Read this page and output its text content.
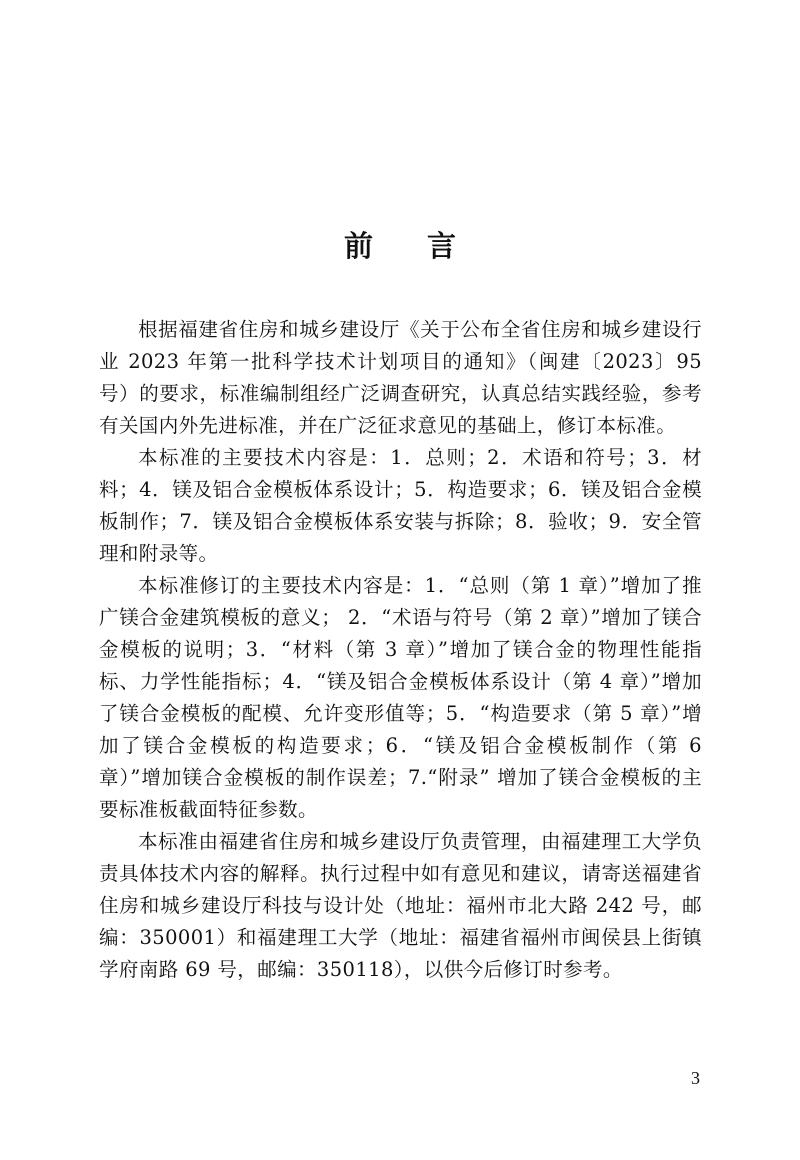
前言

根据福建省住房和城乡建设厅《关于公布全省住房和城乡建设行业 2023 年第一批科学技术计划项目的通知》（闽建〔2023〕95 号）的要求，标准编制组经广泛调查研究，认真总结实践经验，参考有关国内外先进标准，并在广泛征求意见的基础上，修订本标准。

本标准的主要技术内容是：1．总则；2．术语和符号；3．材料；4．镁及铝合金模板体系设计；5．构造要求；6．镁及铝合金模板制作；7．镁及铝合金模板体系安装与拆除；8．验收；9．安全管理和附录等。

本标准修订的主要技术内容是：1．“总则（第 1 章）”增加了推广镁合金建筑模板的意义； 2．“术语与符号（第 2 章）”增加了镁合金模板的说明；3．“材料（第 3 章）”增加了镁合金的物理性能指标、力学性能指标；4．“镁及铝合金模板体系设计（第 4 章）”增加了镁合金模板的配模、允许变形值等；5．“构造要求（第 5 章）”增加了镁合金模板的构造要求；6．“镁及铝合金模板制作（第 6 章）”增加镁合金模板的制作误差；7.“附录” 增加了镁合金模板的主要标准板截面特征参数。

本标准由福建省住房和城乡建设厅负责管理，由福建理工大学负责具体技术内容的解释。执行过程中如有意见和建议，请寄送福建省住房和城乡建设厅科技与设计处（地址：福州市北大路 242 号，邮编：350001）和福建理工大学（地址：福建省福州市闽侯县上街镇学府南路 69 号，邮编：350118），以供今后修订时参考。

3
